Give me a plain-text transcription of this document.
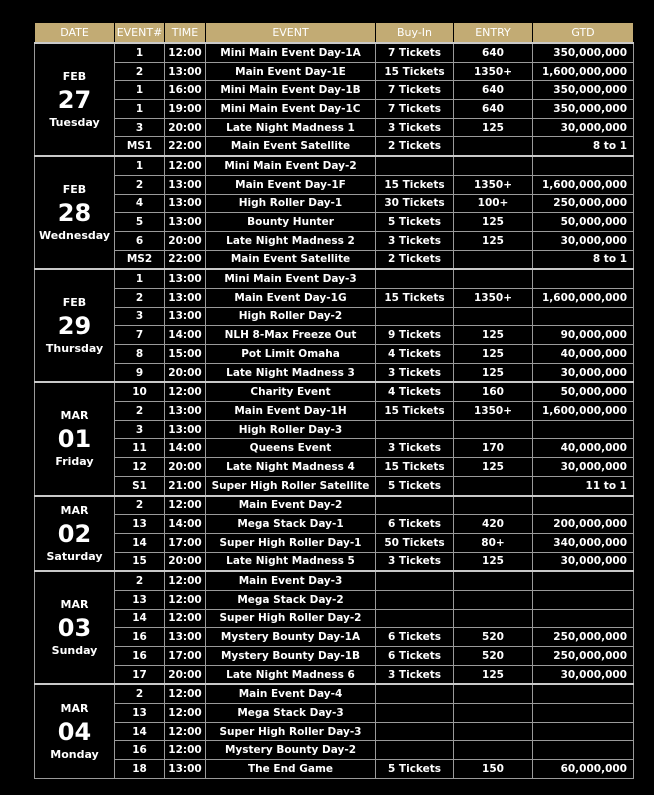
DATE	EVENT#	TIME	EVENT	Buy-In	ENTRY	GTD

FEB
27
Tuesday	1	12:00	Mini Main Event Day-1A	7 Tickets	640	350,000,000
	2	13:00	Main Event Day-1E	15 Tickets	1350+	1,600,000,000
	1	16:00	Mini Main Event Day-1B	7 Tickets	640	350,000,000
	1	19:00	Mini Main Event Day-1C	7 Tickets	640	350,000,000
	3	20:00	Late Night Madness 1	3 Tickets	125	30,000,000
	MS1	22:00	Main Event Satellite	2 Tickets		8 to 1

FEB
28
Wednesday	1	12:00	Mini Main Event Day-2			
	2	13:00	Main Event Day-1F	15 Tickets	1350+	1,600,000,000
	4	13:00	High Roller Day-1	30 Tickets	100+	250,000,000
	5	13:00	Bounty Hunter	5 Tickets	125	50,000,000
	6	20:00	Late Night Madness 2	3 Tickets	125	30,000,000
	MS2	22:00	Main Event Satellite	2 Tickets		8 to 1

FEB
29
Thursday	1	13:00	Mini Main Event Day-3			
	2	13:00	Main Event Day-1G	15 Tickets	1350+	1,600,000,000
	3	13:00	High Roller Day-2			
	7	14:00	NLH 8-Max Freeze Out	9 Tickets	125	90,000,000
	8	15:00	Pot Limit Omaha	4 Tickets	125	40,000,000
	9	20:00	Late Night Madness 3	3 Tickets	125	30,000,000

MAR
01
Friday	10	12:00	Charity Event	4 Tickets	160	50,000,000
	2	13:00	Main Event Day-1H	15 Tickets	1350+	1,600,000,000
	3	13:00	High Roller Day-3			
	11	14:00	Queens Event	3 Tickets	170	40,000,000
	12	20:00	Late Night Madness 4	15 Tickets	125	30,000,000
	S1	21:00	Super High Roller Satellite	5 Tickets		11 to 1

MAR
02
Saturday	2	12:00	Main Event Day-2			
	13	14:00	Mega Stack Day-1	6 Tickets	420	200,000,000
	14	17:00	Super High Roller Day-1	50 Tickets	80+	340,000,000
	15	20:00	Late Night Madness 5	3 Tickets	125	30,000,000

MAR
03
Sunday	2	12:00	Main Event Day-3			
	13	12:00	Mega Stack Day-2			
	14	12:00	Super High Roller Day-2			
	16	13:00	Mystery Bounty Day-1A	6 Tickets	520	250,000,000
	16	17:00	Mystery Bounty Day-1B	6 Tickets	520	250,000,000
	17	20:00	Late Night Madness 6	3 Tickets	125	30,000,000

MAR
04
Monday	2	12:00	Main Event Day-4			
	13	12:00	Mega Stack Day-3			
	14	12:00	Super High Roller Day-3			
	16	12:00	Mystery Bounty Day-2			
	18	13:00	The End Game	5 Tickets	150	60,000,000
